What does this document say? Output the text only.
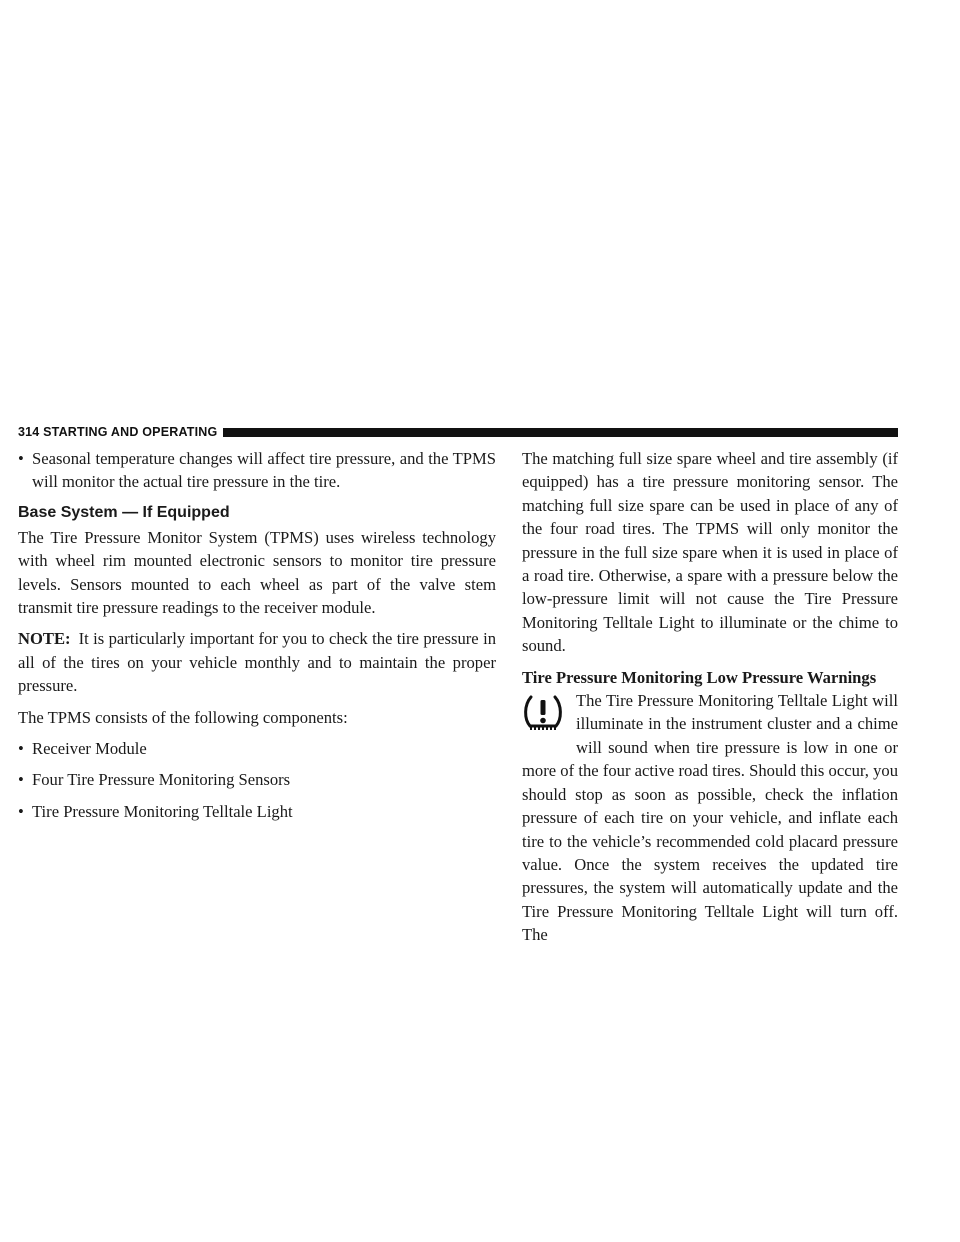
314 STARTING AND OPERATING
• Seasonal temperature changes will affect tire pressure, and the TPMS will monitor the actual tire pressure in the tire.
Base System — If Equipped

The Tire Pressure Monitor System (TPMS) uses wireless technology with wheel rim mounted electronic sensors to monitor tire pressure levels. Sensors mounted to each wheel as part of the valve stem transmit tire pressure readings to the receiver module.

NOTE: It is particularly important for you to check the tire pressure in all of the tires on your vehicle monthly and to maintain the proper pressure.

The TPMS consists of the following components:

• Receiver Module
• Four Tire Pressure Monitoring Sensors
• Tire Pressure Monitoring Telltale Light

The matching full size spare wheel and tire assembly (if equipped) has a tire pressure monitoring sensor. The matching full size spare can be used in place of any of the four road tires. The TPMS will only monitor the pressure in the full size spare when it is used in place of a road tire. Otherwise, a spare with a pressure below the low-pressure limit will not cause the Tire Pressure Monitoring Telltale Light to illuminate or the chime to sound.

Tire Pressure Monitoring Low Pressure Warnings

The Tire Pressure Monitoring Telltale Light will illuminate in the instrument cluster and a chime will sound when tire pressure is low in one or more of the four active road tires. Should this occur, you should stop as soon as possible, check the inflation pressure of each tire on your vehicle, and inflate each tire to the vehicle’s recommended cold placard pressure value. Once the system receives the updated tire pressures, the system will automatically update and the Tire Pressure Monitoring Telltale Light will turn off. The
